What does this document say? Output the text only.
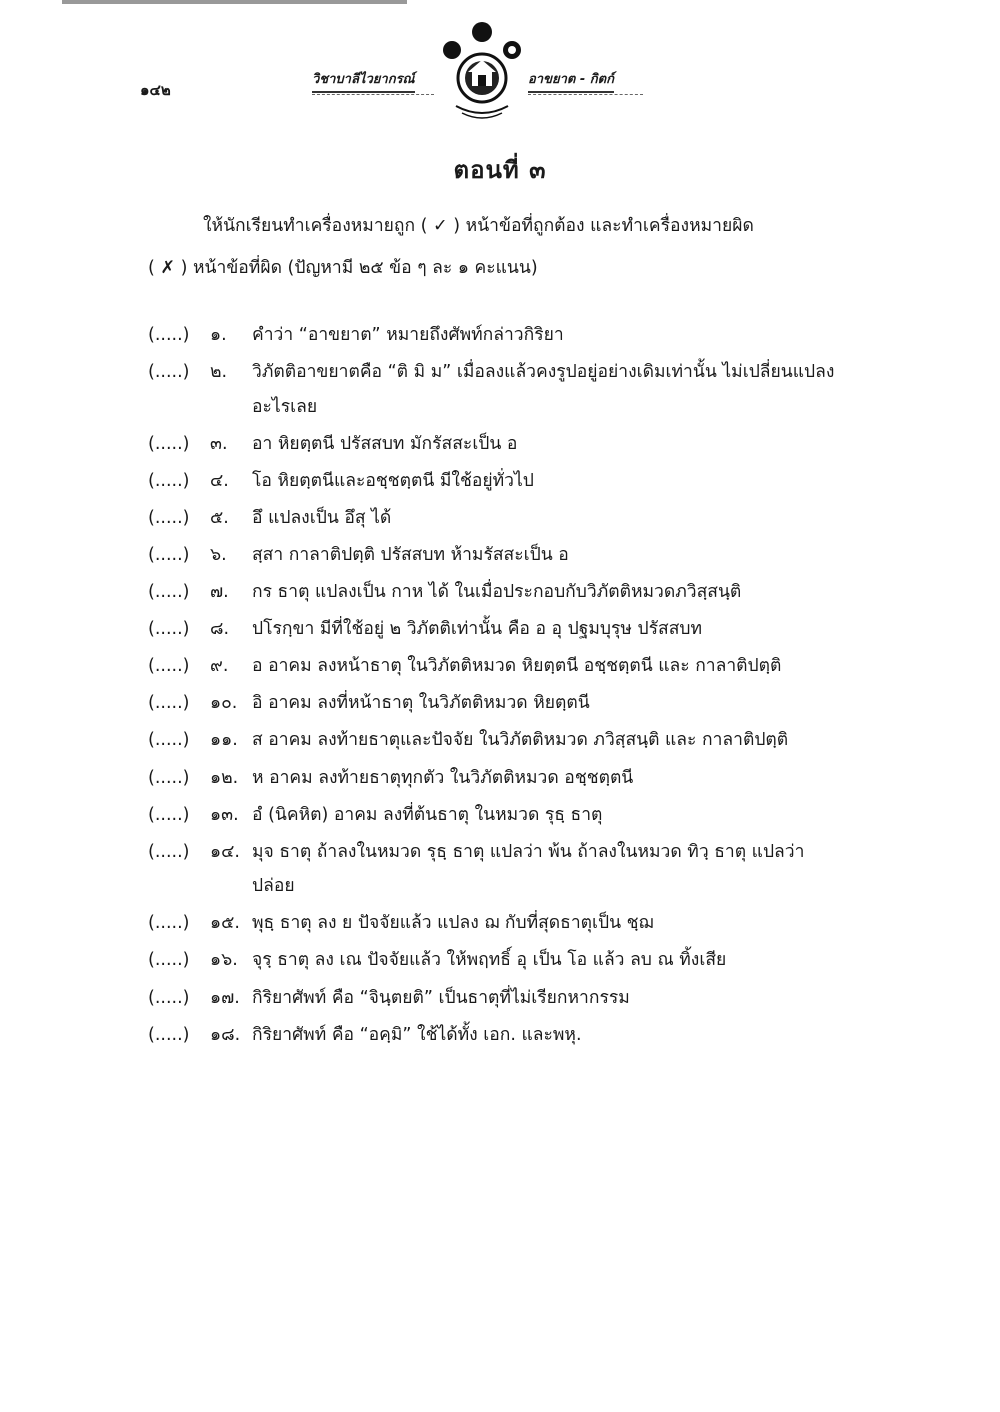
๑๔๒
วิชาบาลีไวยากรณ์	อาขยาต - กิตก์
ตอนที่ ๓
ให้นักเรียนทำเครื่องหมายถูก ( ✓ ) หน้าข้อที่ถูกต้อง และทำเครื่องหมายผิด
( ✗ ) หน้าข้อที่ผิด (ปัญหามี ๒๕ ข้อ ๆ ละ ๑ คะแนน)
(.....)	๑.	คำว่า “อาขยาต” หมายถึงศัพท์กล่าวกิริยา
(.....)	๒.	วิภัตติอาขยาตคือ “ติ มิ ม” เมื่อลงแล้วคงรูปอยู่อย่างเดิมเท่านั้น ไม่เปลี่ยนแปลงอะไรเลย
(.....)	๓.	อา หิยตฺตนี ปรัสสบท มักรัสสะเป็น อ
(.....)	๔.	โอ หิยตฺตนีและอชฺชตฺตนี มีใช้อยู่ทั่วไป
(.....)	๕.	อึ แปลงเป็น อึสุ ได้
(.....)	๖.	สฺสา กาลาติปตฺติ ปรัสสบท ห้ามรัสสะเป็น อ
(.....)	๗.	กร ธาตุ แปลงเป็น กาห ได้ ในเมื่อประกอบกับวิภัตติหมวดภวิสฺสนฺติ
(.....)	๘.	ปโรกฺขา มีที่ใช้อยู่ ๒ วิภัตติเท่านั้น คือ อ อุ ปฐมบุรุษ ปรัสสบท
(.....)	๙.	อ อาคม ลงหน้าธาตุ ในวิภัตติหมวด หิยตฺตนี อชฺชตฺตนี และ กาลาติปตฺติ
(.....)	๑๐. อิ อาคม ลงที่หน้าธาตุ ในวิภัตติหมวด หิยตฺตนี
(.....)	๑๑. ส อาคม ลงท้ายธาตุและปัจจัย ในวิภัตติหมวด ภวิสฺสนฺติ และ กาลาติปตฺติ
(.....)	๑๒. ห อาคม ลงท้ายธาตุทุกตัว ในวิภัตติหมวด อชฺชตฺตนี
(.....)	๑๓. อํ (นิคหิต) อาคม ลงที่ต้นธาตุ ในหมวด รุธฺ ธาตุ
(.....)	๑๔. มุจ ธาตุ ถ้าลงในหมวด รุธฺ ธาตุ แปลว่า พ้น ถ้าลงในหมวด ทิวฺ ธาตุ แปลว่า ปล่อย
(.....)	๑๕. พุธฺ ธาตุ ลง ย ปัจจัยแล้ว แปลง ฌ กับที่สุดธาตุเป็น ชฺฌ
(.....)	๑๖. จุรฺ ธาตุ ลง เณ ปัจจัยแล้ว ให้พฤทธิ์ อุ เป็น โอ แล้ว ลบ ณ ทิ้งเสีย
(.....)	๑๗. กิริยาศัพท์ คือ “จินฺตยติ” เป็นธาตุที่ไม่เรียกหากรรม
(.....)	๑๘. กิริยาศัพท์ คือ “อคฺมิ” ใช้ได้ทั้ง เอก. และพหุ.
